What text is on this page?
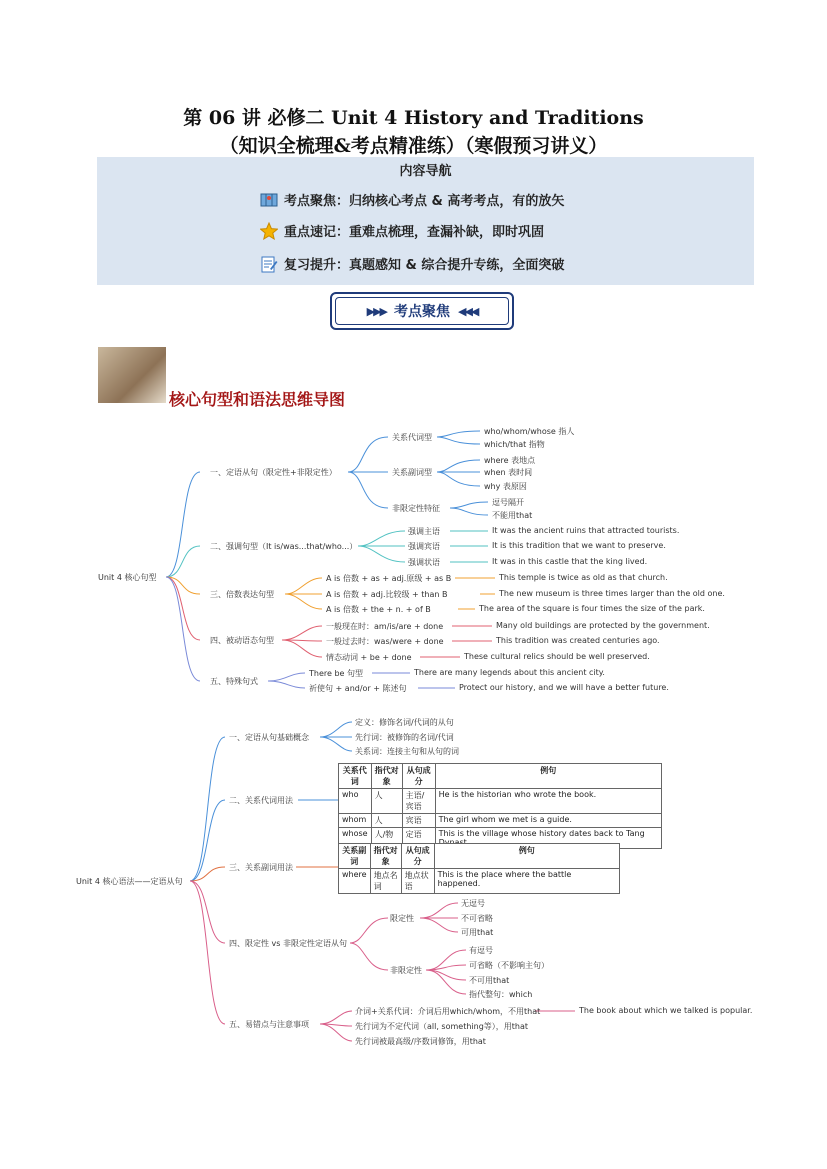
第 06 讲 必修二 Unit 4 History and Traditions
（知识全梳理&考点精准练）（寒假预习讲义）
内容导航
考点聚焦：归纳核心考点 & 高考考点，有的放矢
重点速记：重难点梳理，查漏补缺，即时巩固
复习提升：真题感知 & 综合提升专练，全面突破
▶▶▶ 考点聚焦 ◀◀◀
核心句型和语法思维导图
Unit 4 核心句型
一、定语从句（限定性+非限定性）
关系代词型
who/whom/whose 指人
which/that 指物
关系副词型
where 表地点
when 表时间
why 表原因
非限定性特征
逗号隔开
不能用that
二、强调句型（It is/was...that/who...）
强调主语	It was the ancient ruins that attracted tourists.
强调宾语	It is this tradition that we want to preserve.
强调状语	It was in this castle that the king lived.
三、倍数表达句型
A is 倍数 + as + adj.原级 + as B	This temple is twice as old as that church.
A is 倍数 + adj.比较级 + than B	The new museum is three times larger than the old one.
A is 倍数 + the + n. + of B	The area of the square is four times the size of the park.
四、被动语态句型
一般现在时：am/is/are + done	Many old buildings are protected by the government.
一般过去时：was/were + done	This tradition was created centuries ago.
情态动词 + be + done	These cultural relics should be well preserved.
五、特殊句式
There be 句型	There are many legends about this ancient city.
祈使句 + and/or + 陈述句	Protect our history, and we will have a better future.
Unit 4 核心语法——定语从句
一、定语从句基础概念
定义：修饰名词/代词的从句
先行词：被修饰的名词/代词
关系词：连接主句和从句的词
二、关系代词用法
关系代词	指代对象	从句成分	例句
who	人	主语/宾语	He is the historian who wrote the book.
whom	人	宾语	The girl whom we met is a guide.
whose	人/物	定语	This is the village whose history dates back to Tang
三、关系副词用法
关系副词	指代对象	从句成分	例句
where	地点名词	地点状语	This is the place where the battle happened.
四、限定性 vs 非限定性定语从句
限定性
无逗号
不可省略
可用that
非限定性
有逗号
可省略（不影响主句）
不可用that
指代整句：which
五、易错点与注意事项
介词+关系代词：介词后用which/whom，不用that	The book about which we talked is popular.
先行词为不定代词（all, something等），用that
先行词被最高级/序数词修饰，用that
